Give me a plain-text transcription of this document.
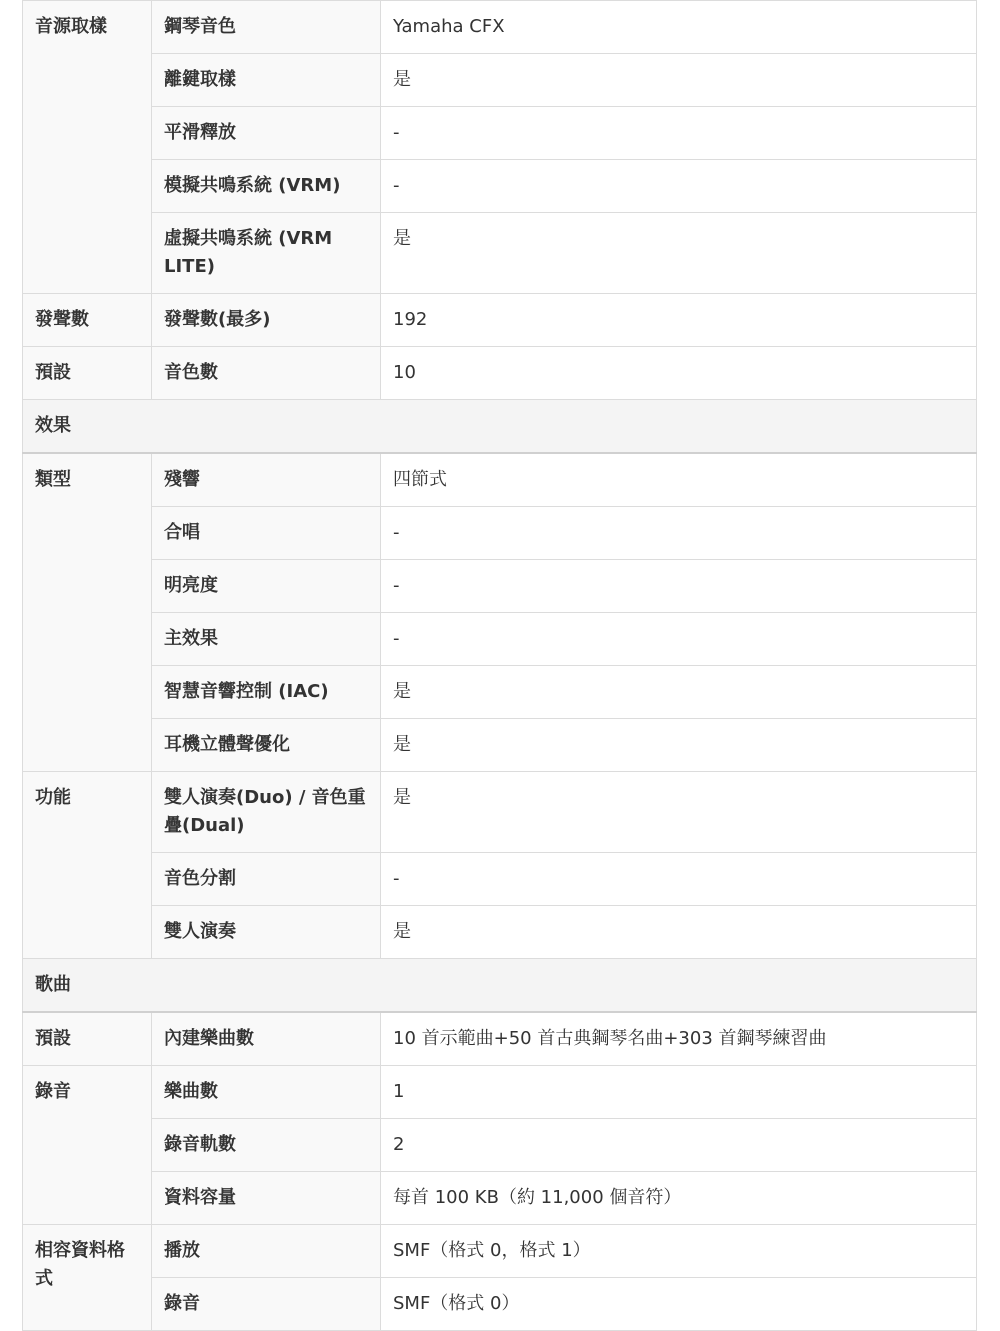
音源取樣	鋼琴音色	Yamaha CFX
	離鍵取樣	是
	平滑釋放	-
	模擬共鳴系統 (VRM)	-
	虛擬共鳴系統 (VRM LITE)	是
發聲數	發聲數(最多)	192
預設	音色數	10
效果		
類型	殘響	四節式
	合唱	-
	明亮度	-
	主效果	-
	智慧音響控制 (IAC)	是
	耳機立體聲優化	是
功能	雙人演奏(Duo) / 音色重疊(Dual)	是
	音色分割	-
	雙人演奏	是
歌曲		
預設	內建樂曲數	10 首示範曲+50 首古典鋼琴名曲+303 首鋼琴練習曲
錄音	樂曲數	1
	錄音軌數	2
	資料容量	每首 100 KB（約 11,000 個音符）
相容資料格式	播放	SMF（格式 0，格式 1）
	錄音	SMF（格式 0）
